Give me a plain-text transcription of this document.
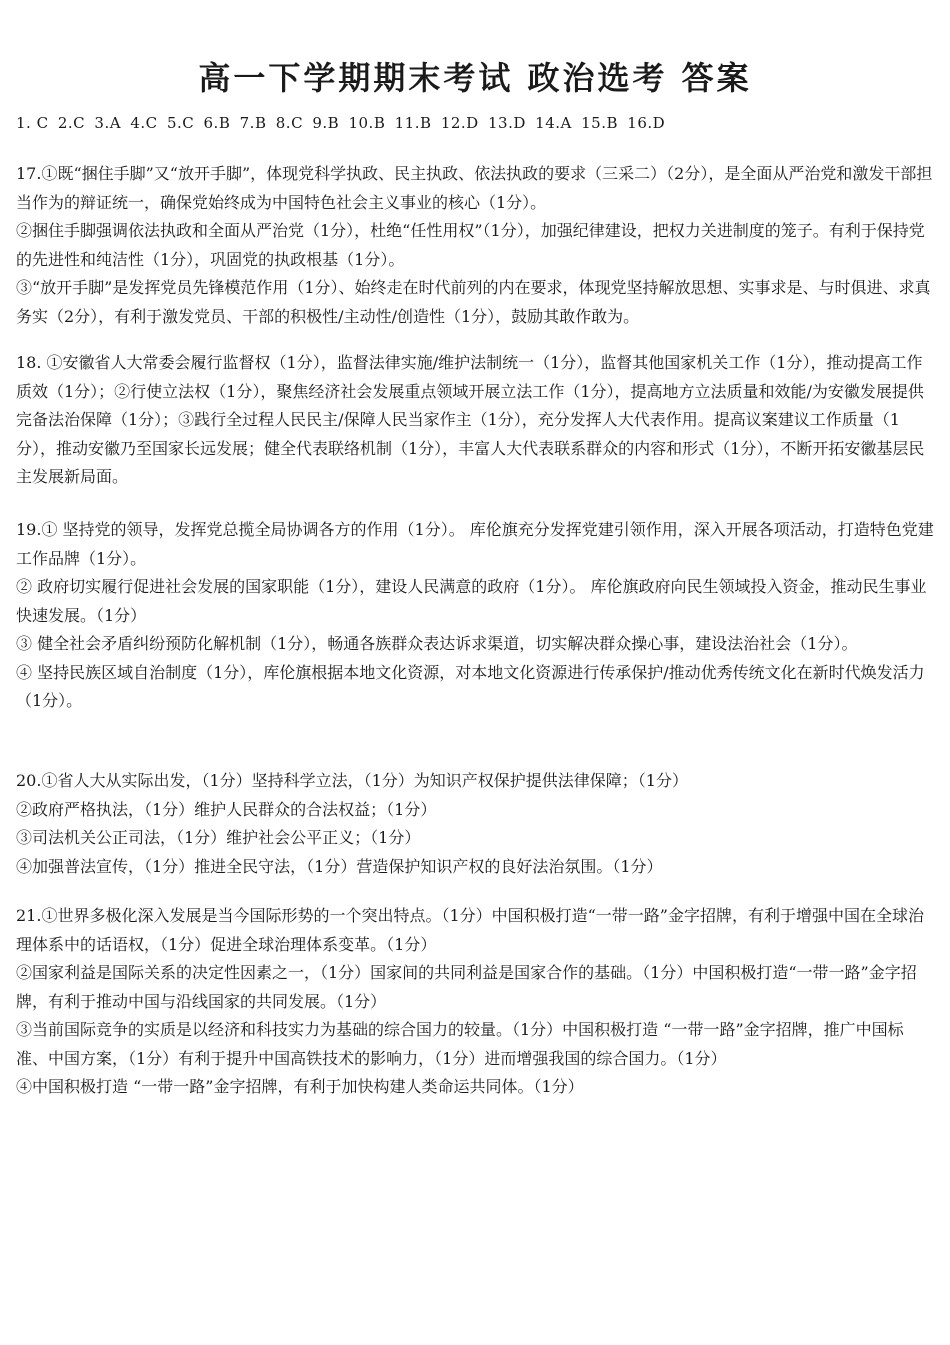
高一下学期期末考试 政治选考 答案
1. C 2.C 3.A 4.C 5.C 6.B 7.B 8.C 9.B 10.B 11.B 12.D 13.D 14.A 15.B 16.D

17.①既“捆住手脚”又“放开手脚”，体现党科学执政、民主执政、依法执政的要求（三采二）（2分），是全面从严治党和激发干部担当作为的辩证统一，确保党始终成为中国特色社会主义事业的核心（1分）。

②捆住手脚强调依法执政和全面从严治党（1分），杜绝“任性用权”（1分），加强纪律建设，把权力关进制度的笼子。有利于保持党的先进性和纯洁性（1分），巩固党的执政根基（1分）。

③“放开手脚”是发挥党员先锋模范作用（1分）、始终走在时代前列的内在要求，体现党坚持解放思想、实事求是、与时俱进、求真务实（2分），有利于激发党员、干部的积极性/主动性/创造性（1分），鼓励其敢作敢为。

18. ①安徽省人大常委会履行监督权（1分），监督法律实施/维护法制统一（1分），监督其他国家机关工作（1分），推动提高工作质效（1分）；②行使立法权（1分），聚焦经济社会发展重点领域开展立法工作（1分），提高地方立法质量和效能/为安徽发展提供完备法治保障（1分）；③践行全过程人民民主/保障人民当家作主（1分），充分发挥人大代表作用。提高议案建议工作质量（1分），推动安徽乃至国家长远发展；健全代表联络机制（1分），丰富人大代表联系群众的内容和形式（1分），不断开拓安徽基层民主发展新局面。

19.① 坚持党的领导，发挥党总揽全局协调各方的作用（1分）。 库伦旗充分发挥党建引领作用，深入开展各项活动，打造特色党建工作品牌（1分）。

② 政府切实履行促进社会发展的国家职能（1分），建设人民满意的政府（1分）。 库伦旗政府向民生领域投入资金，推动民生事业快速发展。（1分）

③ 健全社会矛盾纠纷预防化解机制（1分），畅通各族群众表达诉求渠道，切实解决群众操心事，建设法治社会（1分）。

④ 坚持民族区域自治制度（1分），库伦旗根据本地文化资源，对本地文化资源进行传承保护/推动优秀传统文化在新时代焕发活力（1分）。

20.①省人大从实际出发，（1分）坚持科学立法，（1分）为知识产权保护提供法律保障；（1分）

②政府严格执法，（1分）维护人民群众的合法权益；（1分）

③司法机关公正司法，（1分）维护社会公平正义；（1分）

④加强普法宣传，（1分）推进全民守法，（1分）营造保护知识产权的良好法治氛围。（1分）

21.①世界多极化深入发展是当今国际形势的一个突出特点。（1分）中国积极打造“一带一路”金字招牌，有利于增强中国在全球治理体系中的话语权，（1分）促进全球治理体系变革。（1分）

②国家利益是国际关系的决定性因素之一，（1分）国家间的共同利益是国家合作的基础。（1分）中国积极打造“一带一路”金字招牌，有利于推动中国与沿线国家的共同发展。（1分）

③当前国际竞争的实质是以经济和科技实力为基础的综合国力的较量。（1分）中国积极打造 “一带一路”金字招牌，推广中国标准、中国方案，（1分）有利于提升中国高铁技术的影响力，（1分）进而增强我国的综合国力。（1分）

④中国积极打造 “一带一路”金字招牌，有利于加快构建人类命运共同体。（1分）
